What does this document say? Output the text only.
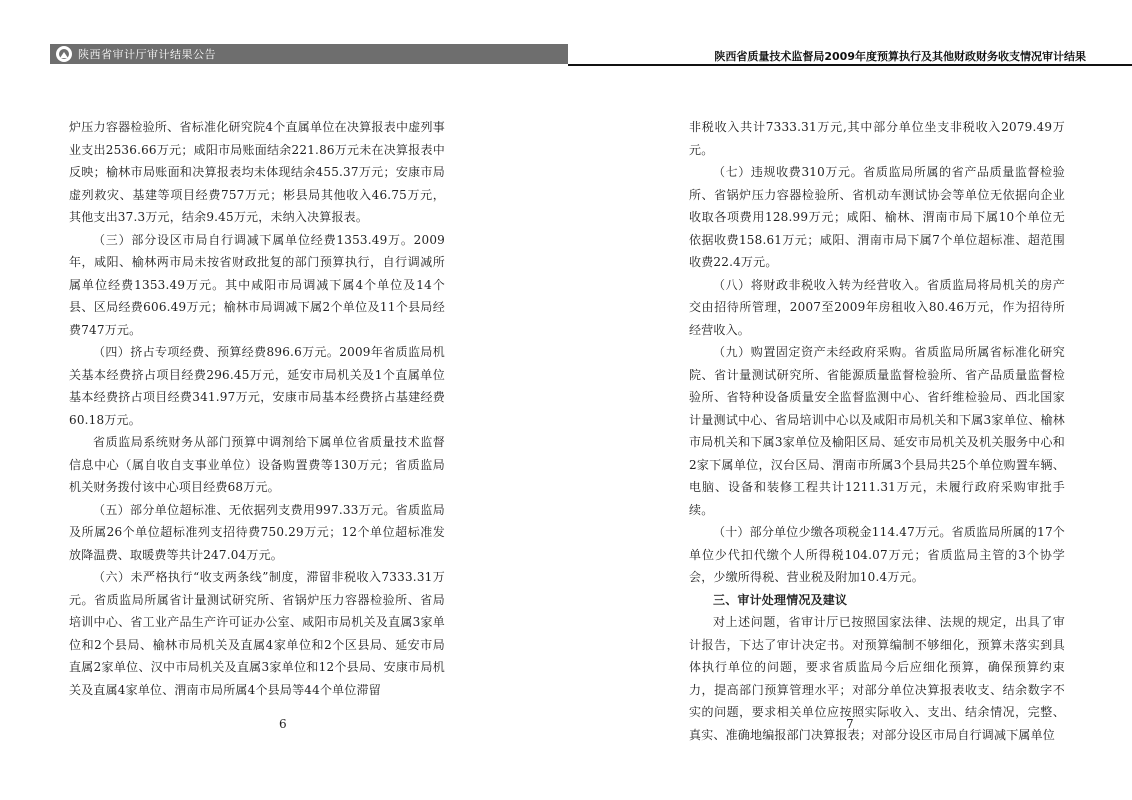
陕西省审计厅审计结果公告	陕西省质量技术监督局2009年度预算执行及其他财政财务收支情况审计结果

炉压力容器检验所、省标准化研究院4个直属单位在决算报表中虚列事业支出2536.66万元；咸阳市局账面结余221.86万元未在决算报表中反映；榆林市局账面和决算报表均未体现结余455.37万元；安康市局虚列救灾、基建等项目经费757万元；彬县局其他收入46.75万元，其他支出37.3万元，结余9.45万元，未纳入决算报表。

（三）部分设区市局自行调减下属单位经费1353.49万。2009年，咸阳、榆林两市局未按省财政批复的部门预算执行，自行调减所属单位经费1353.49万元。其中咸阳市局调减下属4个单位及14个县、区局经费606.49万元；榆林市局调减下属2个单位及11个县局经费747万元。

（四）挤占专项经费、预算经费896.6万元。2009年省质监局机关基本经费挤占项目经费296.45万元，延安市局机关及1个直属单位基本经费挤占项目经费341.97万元，安康市局基本经费挤占基建经费60.18万元。

省质监局系统财务从部门预算中调剂给下属单位省质量技术监督信息中心（属自收自支事业单位）设备购置费等130万元；省质监局机关财务拨付该中心项目经费68万元。

（五）部分单位超标准、无依据列支费用997.33万元。省质监局及所属26个单位超标准列支招待费750.29万元；12个单位超标准发放降温费、取暖费等共计247.04万元。

（六）未严格执行“收支两条线”制度，滞留非税收入7333.31万元。省质监局所属省计量测试研究所、省锅炉压力容器检验所、省局培训中心、省工业产品生产许可证办公室、咸阳市局机关及直属3家单位和2个县局、榆林市局机关及直属4家单位和2个区县局、延安市局直属2家单位、汉中市局机关及直属3家单位和12个县局、安康市局机关及直属4家单位、渭南市局所属4个县局等44个单位滞留

6

非税收入共计7333.31万元,其中部分单位坐支非税收入2079.49万元。

（七）违规收费310万元。省质监局所属的省产品质量监督检验所、省锅炉压力容器检验所、省机动车测试协会等单位无依据向企业收取各项费用128.99万元；咸阳、榆林、渭南市局下属10个单位无依据收费158.61万元；咸阳、渭南市局下属7个单位超标准、超范围收费22.4万元。

（八）将财政非税收入转为经营收入。省质监局将局机关的房产交由招待所管理，2007至2009年房租收入80.46万元，作为招待所经营收入。

（九）购置固定资产未经政府采购。省质监局所属省标准化研究院、省计量测试研究所、省能源质量监督检验所、省产品质量监督检验所、省特种设备质量安全监督监测中心、省纤维检验局、西北国家计量测试中心、省局培训中心以及咸阳市局机关和下属3家单位、榆林市局机关和下属3家单位及榆阳区局、延安市局机关及机关服务中心和2家下属单位，汉台区局、渭南市所属3个县局共25个单位购置车辆、电脑、设备和装修工程共计1211.31万元，未履行政府采购审批手续。

（十）部分单位少缴各项税金114.47万元。省质监局所属的17个单位少代扣代缴个人所得税104.07万元；省质监局主管的3个协学会，少缴所得税、营业税及附加10.4万元。

三、审计处理情况及建议

对上述问题，省审计厅已按照国家法律、法规的规定，出具了审计报告，下达了审计决定书。对预算编制不够细化，预算未落实到具体执行单位的问题，要求省质监局今后应细化预算，确保预算约束力，提高部门预算管理水平；对部分单位决算报表收支、结余数字不实的问题，要求相关单位应按照实际收入、支出、结余情况，完整、真实、准确地编报部门决算报表；对部分设区市局自行调减下属单位

7
